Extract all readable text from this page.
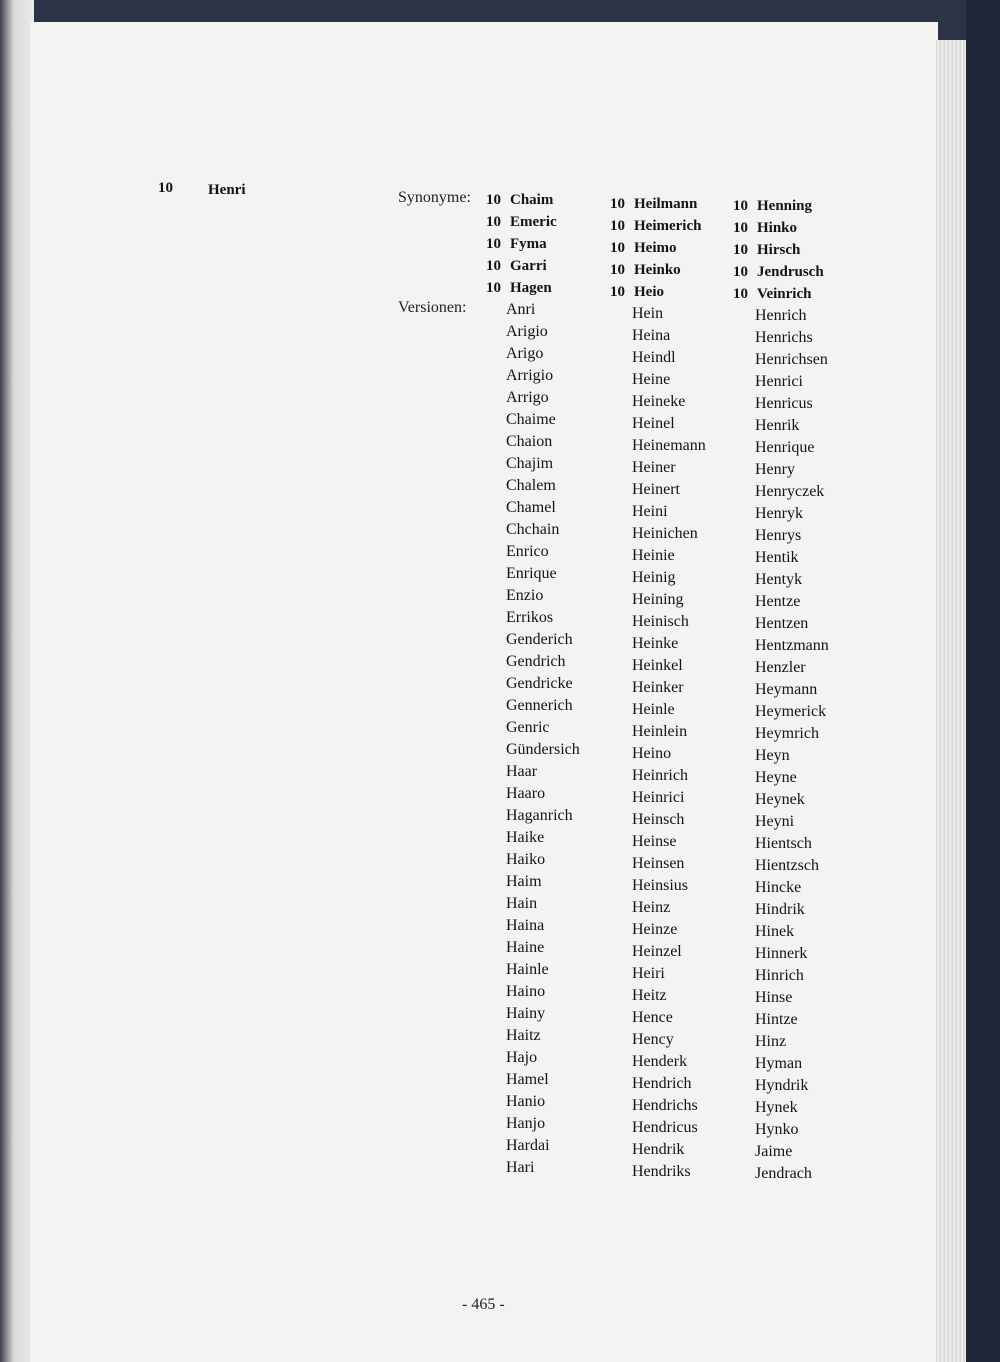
10 Henri	Synonyme:
Versionen:
10 Chaim
10 Emeric
10 Fyma
10 Garri
10 Hagen
Anri
Arigio
Arigo
Arrigio
Arrigo
Chaime
Chaion
Chajim
Chalem
Chamel
Chchain
Enrico
Enrique
Enzio
Errikos
Genderich
Gendrich
Gendricke
Gennerich
Genric
Gündersich
Haar
Haaro
Haganrich
Haike
Haiko
Haim
Hain
Haina
Haine
Hainle
Haino
Hainy
Haitz
Hajo
Hamel
Hanio
Hanjo
Hardai
Hari
10 Heilmann
10 Heimerich
10 Heimo
10 Heinko
10 Heio
Hein
Heina
Heindl
Heine
Heineke
Heinel
Heinemann
Heiner
Heinert
Heini
Heinichen
Heinie
Heinig
Heining
Heinisch
Heinke
Heinkel
Heinker
Heinle
Heinlein
Heino
Heinrich
Heinrici
Heinsch
Heinse
Heinsen
Heinsius
Heinz
Heinze
Heinzel
Heiri
Heitz
Hence
Hency
Henderk
Hendrich
Hendrichs
Hendricus
Hendrik
Hendriks
10 Henning
10 Hinko
10 Hirsch
10 Jendrusch
10 Veinrich
Henrich
Henrichs
Henrichsen
Henrici
Henricus
Henrik
Henrique
Henry
Henryczek
Henryk
Henrys
Hentik
Hentyk
Hentze
Hentzen
Hentzmann
Henzler
Heymann
Heymerick
Heymrich
Heyn
Heyne
Heynek
Heyni
Hientsch
Hientzsch
Hincke
Hindrik
Hinek
Hinnerk
Hinrich
Hinse
Hintze
Hinz
Hyman
Hyndrik
Hynek
Hynko
Jaime
Jendrach
- 465 -
